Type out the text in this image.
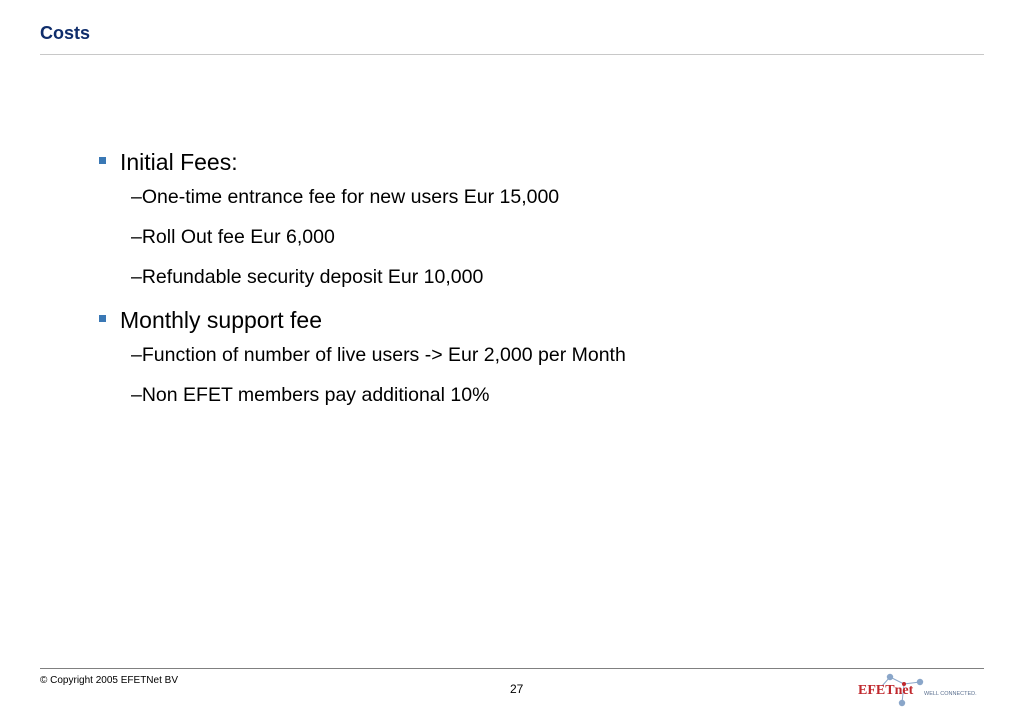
Costs
Initial Fees:
–One-time entrance fee for new users Eur 15,000
–Roll Out fee Eur 6,000
–Refundable security deposit Eur 10,000
Monthly support fee
–Function of number of live users -> Eur 2,000 per Month
–Non EFET members pay additional 10%
© Copyright 2005 EFETNet BV
27	EFETnet WELL CONNECTED.
